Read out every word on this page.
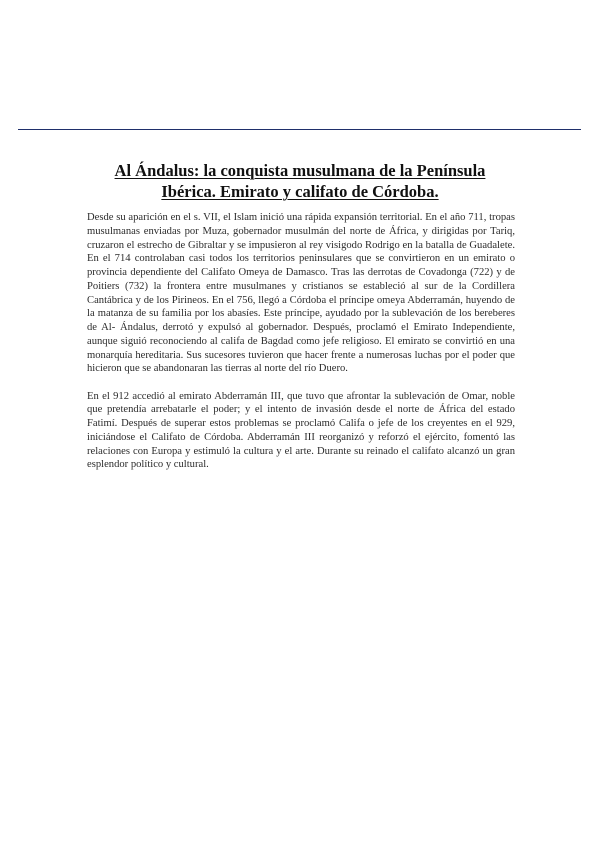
Al Ándalus: la conquista musulmana de la Península
Ibérica. Emirato y califato de Córdoba.

Desde su aparición en el s. VII, el Islam inició una rápida expansión territorial. En el año 711, tropas musulmanas enviadas por Muza, gobernador musulmán del norte de África, y dirigidas por Tariq, cruzaron el estrecho de Gibraltar y se impusieron al rey visigodo Rodrigo en la batalla de Guadalete. En el 714 controlaban casi todos los territorios peninsulares que se convirtieron en un emirato o provincia dependiente del Califato Omeya de Damasco. Tras las derrotas de Covadonga (722) y de Poitiers (732) la frontera entre musulmanes y cristianos se estableció al sur de la Cordillera Cantábrica y de los Pirineos. En el 756, llegó a Córdoba el príncipe omeya Abderramán, huyendo de la matanza de su familia por los abasíes. Este príncipe, ayudado por la sublevación de los bereberes de Al- Ándalus, derrotó y expulsó al gobernador. Después, proclamó el Emirato Independiente, aunque siguió reconociendo al califa de Bagdad como jefe religioso. El emirato se convirtió en una monarquía hereditaria. Sus sucesores tuvieron que hacer frente a numerosas luchas por el poder que hicieron que se abandonaran las tierras al norte del río Duero.

En el 912 accedió al emirato Abderramán III, que tuvo que afrontar la sublevación de Omar, noble que pretendía arrebatarle el poder; y el intento de invasión desde el norte de África del estado Fatimí. Después de superar estos problemas se proclamó Califa o jefe de los creyentes en el 929, iniciándose el Califato de Córdoba. Abderramán III reorganizó y reforzó el ejército, fomentó las relaciones con Europa y estimuló la cultura y el arte. Durante su reinado el califato alcanzó un gran esplendor político y cultural.
